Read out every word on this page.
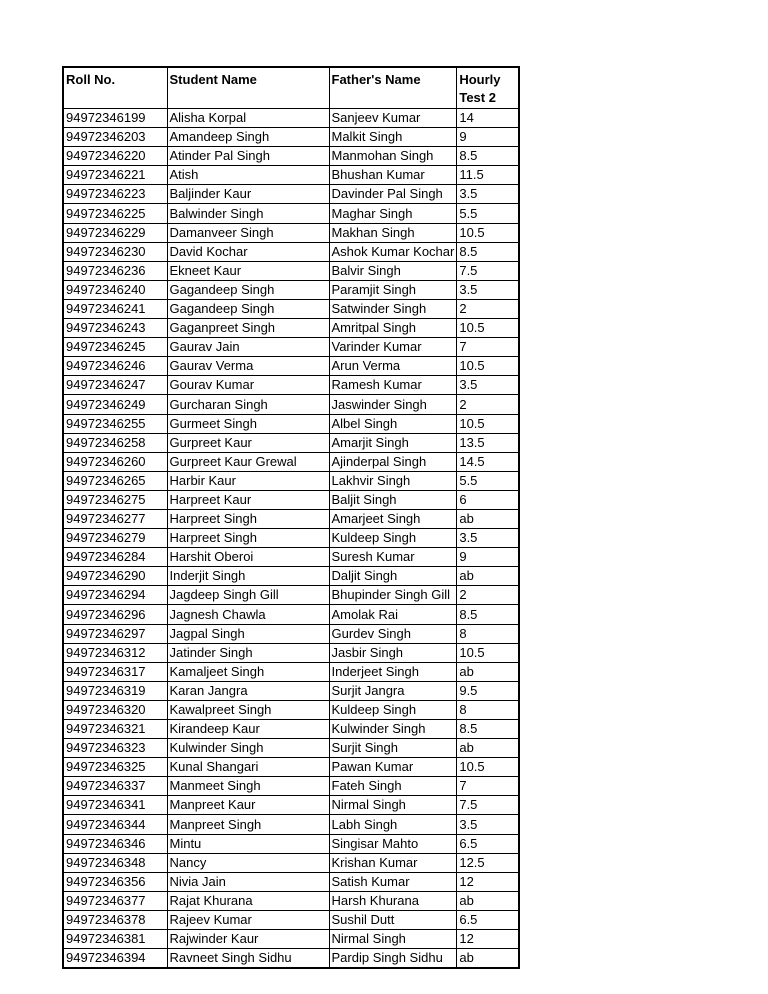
Roll No.	Student Name	Father's Name	Hourly Test 2
94972346199	Alisha Korpal	Sanjeev Kumar	14
94972346203	Amandeep Singh	Malkit Singh	9
94972346220	Atinder Pal Singh	Manmohan Singh	8.5
94972346221	Atish	Bhushan Kumar	11.5
94972346223	Baljinder Kaur	Davinder Pal Singh	3.5
94972346225	Balwinder Singh	Maghar Singh	5.5
94972346229	Damanveer Singh	Makhan Singh	10.5
94972346230	David Kochar	Ashok Kumar Kochar	8.5
94972346236	Ekneet Kaur	Balvir Singh	7.5
94972346240	Gagandeep Singh	Paramjit Singh	3.5
94972346241	Gagandeep Singh	Satwinder Singh	2
94972346243	Gaganpreet Singh	Amritpal Singh	10.5
94972346245	Gaurav Jain	Varinder Kumar	7
94972346246	Gaurav Verma	Arun Verma	10.5
94972346247	Gourav Kumar	Ramesh Kumar	3.5
94972346249	Gurcharan Singh	Jaswinder Singh	2
94972346255	Gurmeet Singh	Albel Singh	10.5
94972346258	Gurpreet Kaur	Amarjit Singh	13.5
94972346260	Gurpreet Kaur Grewal	Ajinderpal Singh	14.5
94972346265	Harbir Kaur	Lakhvir Singh	5.5
94972346275	Harpreet Kaur	Baljit Singh	6
94972346277	Harpreet Singh	Amarjeet Singh	ab
94972346279	Harpreet Singh	Kuldeep Singh	3.5
94972346284	Harshit Oberoi	Suresh Kumar	9
94972346290	Inderjit Singh	Daljit Singh	ab
94972346294	Jagdeep Singh Gill	Bhupinder Singh Gill	2
94972346296	Jagnesh Chawla	Amolak Rai	8.5
94972346297	Jagpal Singh	Gurdev Singh	8
94972346312	Jatinder Singh	Jasbir Singh	10.5
94972346317	Kamaljeet Singh	Inderjeet Singh	ab
94972346319	Karan Jangra	Surjit Jangra	9.5
94972346320	Kawalpreet Singh	Kuldeep Singh	8
94972346321	Kirandeep Kaur	Kulwinder Singh	8.5
94972346323	Kulwinder Singh	Surjit Singh	ab
94972346325	Kunal Shangari	Pawan Kumar	10.5
94972346337	Manmeet Singh	Fateh Singh	7
94972346341	Manpreet Kaur	Nirmal Singh	7.5
94972346344	Manpreet Singh	Labh Singh	3.5
94972346346	Mintu	Singisar Mahto	6.5
94972346348	Nancy	Krishan Kumar	12.5
94972346356	Nivia Jain	Satish Kumar	12
94972346377	Rajat Khurana	Harsh Khurana	ab
94972346378	Rajeev Kumar	Sushil Dutt	6.5
94972346381	Rajwinder Kaur	Nirmal Singh	12
94972346394	Ravneet Singh Sidhu	Pardip Singh Sidhu	ab
